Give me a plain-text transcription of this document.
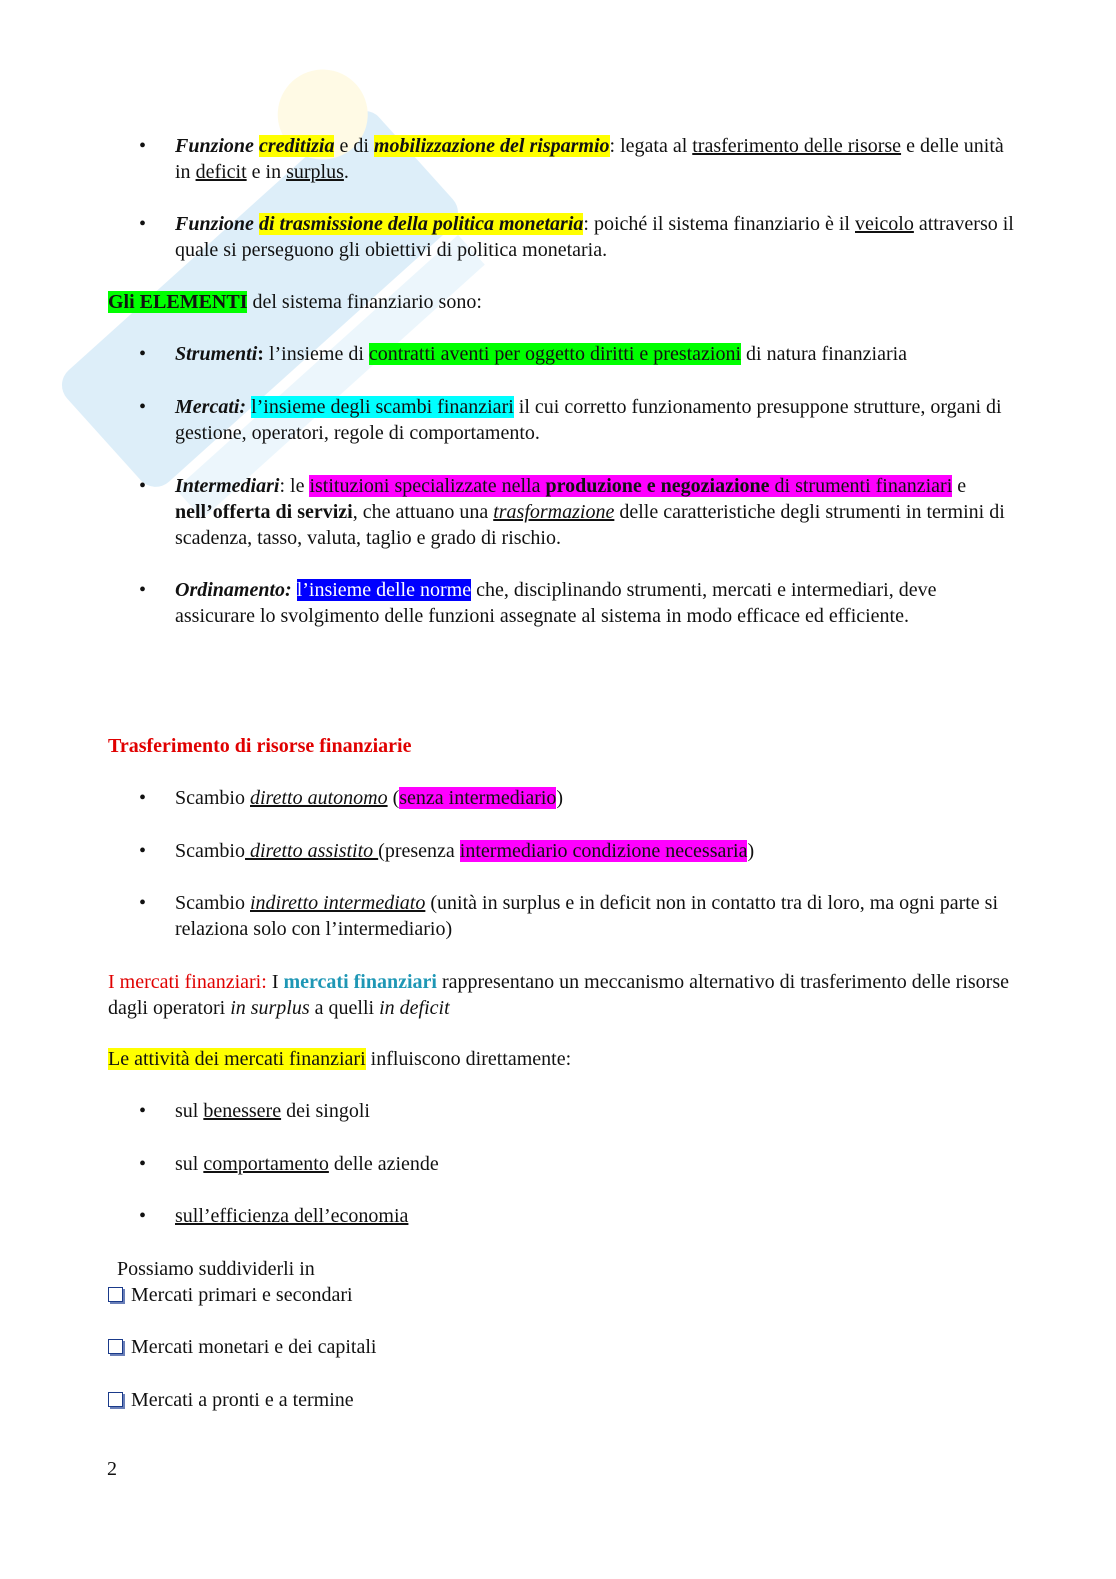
• Funzione creditizia e di mobilizzazione del risparmio: legata al trasferimento delle risorse e delle unità in deficit e in surplus.
• Funzione di trasmissione della politica monetaria: poiché il sistema finanziario è il veicolo attraverso il quale si perseguono gli obiettivi di politica monetaria.
Gli ELEMENTI del sistema finanziario sono:
• Strumenti: l’insieme di contratti aventi per oggetto diritti e prestazioni di natura finanziaria
• Mercati: l’insieme degli scambi finanziari il cui corretto funzionamento presuppone strutture, organi di gestione, operatori, regole di comportamento.
• Intermediari: le istituzioni specializzate nella produzione e negoziazione di strumenti finanziari e nell’offerta di servizi, che attuano una trasformazione delle caratteristiche degli strumenti in termini di scadenza, tasso, valuta, taglio e grado di rischio.
• Ordinamento: l’insieme delle norme che, disciplinando strumenti, mercati e intermediari, deve assicurare lo svolgimento delle funzioni assegnate al sistema in modo efficace ed efficiente.
Trasferimento di risorse finanziarie
• Scambio diretto autonomo (senza intermediario)
• Scambio diretto assistito (presenza intermediario condizione necessaria)
• Scambio indiretto intermediato (unità in surplus e in deficit non in contatto tra di loro, ma ogni parte si relaziona solo con l’intermediario)
I mercati finanziari: I mercati finanziari rappresentano un meccanismo alternativo di trasferimento delle risorse dagli operatori in surplus a quelli in deficit
Le attività dei mercati finanziari influiscono direttamente:
• sul benessere dei singoli
• sul comportamento delle aziende
• sull’efficienza dell’economia
Possiamo suddividerli in
Mercati primari e secondari
Mercati monetari e dei capitali
Mercati a pronti e a termine
2
